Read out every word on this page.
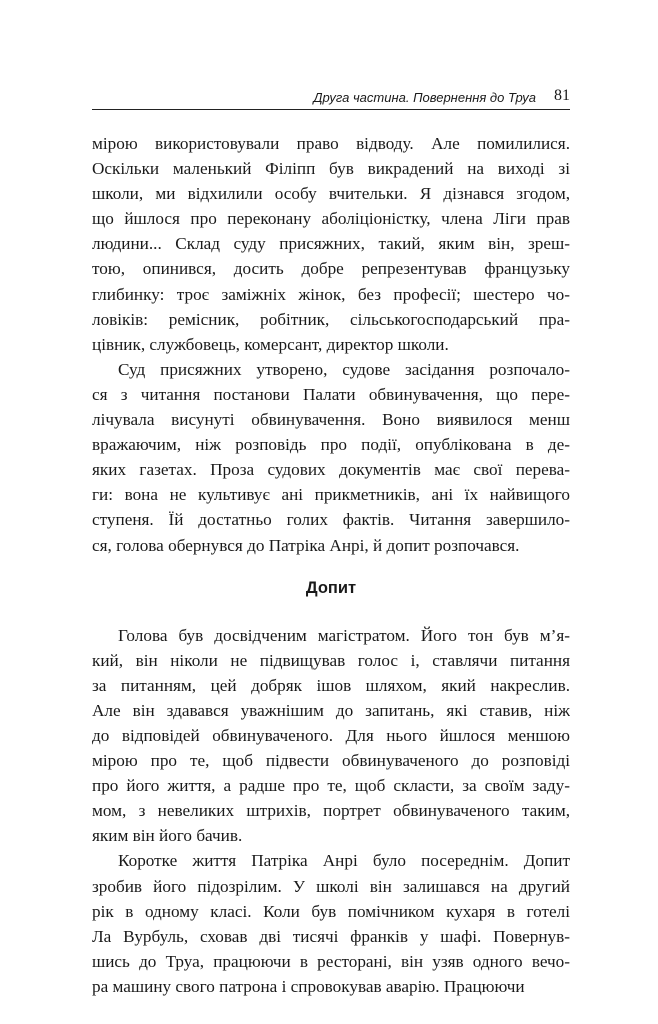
Друга частина. Повернення до Труа 81
мірою використовували право відводу. Але помилилися.
Оскільки маленький Філіпп був викрадений на виході зі
школи, ми відхилили особу вчительки. Я дізнався згодом,
що йшлося про переконану аболіціоністку, члена Ліги прав
людини... Склад суду присяжних, такий, яким він, зреш-
тою, опинився, досить добре репрезентував французьку
глибинку: троє заміжніх жінок, без професії; шестеро чо-
ловіків: ремісник, робітник, сільськогосподарський пра-
цівник, службовець, комерсант, директор школи.
Суд присяжних утворено, судове засідання розпочало-
ся з читання постанови Палати обвинувачення, що пере-
лічувала висунуті обвинувачення. Воно виявилося менш
вражаючим, ніж розповідь про події, опублікована в де-
яких газетах. Проза судових документів має свої перева-
ги: вона не культивує ані прикметників, ані їх найвищого
ступеня. Їй достатньо голих фактів. Читання завершило-
ся, голова обернувся до Патріка Анрі, й допит розпочався.
Допит
Голова був досвідченим магістратом. Його тон був м’я-
кий, він ніколи не підвищував голос і, ставлячи питання
за питанням, цей добряк ішов шляхом, який накреслив.
Але він здавався уважнішим до запитань, які ставив, ніж
до відповідей обвинуваченого. Для нього йшлося меншою
мірою про те, щоб підвести обвинуваченого до розповіді
про його життя, а радше про те, щоб скласти, за своїм заду-
мом, з невеликих штрихів, портрет обвинуваченого таким,
яким він його бачив.
Коротке життя Патріка Анрі було посереднім. Допит
зробив його підозрілим. У школі він залишався на другий
рік в одному класі. Коли був помічником кухаря в готелі
Ла Вурбуль, сховав дві тисячі франків у шафі. Повернув-
шись до Труа, працюючи в ресторані, він узяв одного вечо-
ра машину свого патрона і спровокував аварію. Працюючи
